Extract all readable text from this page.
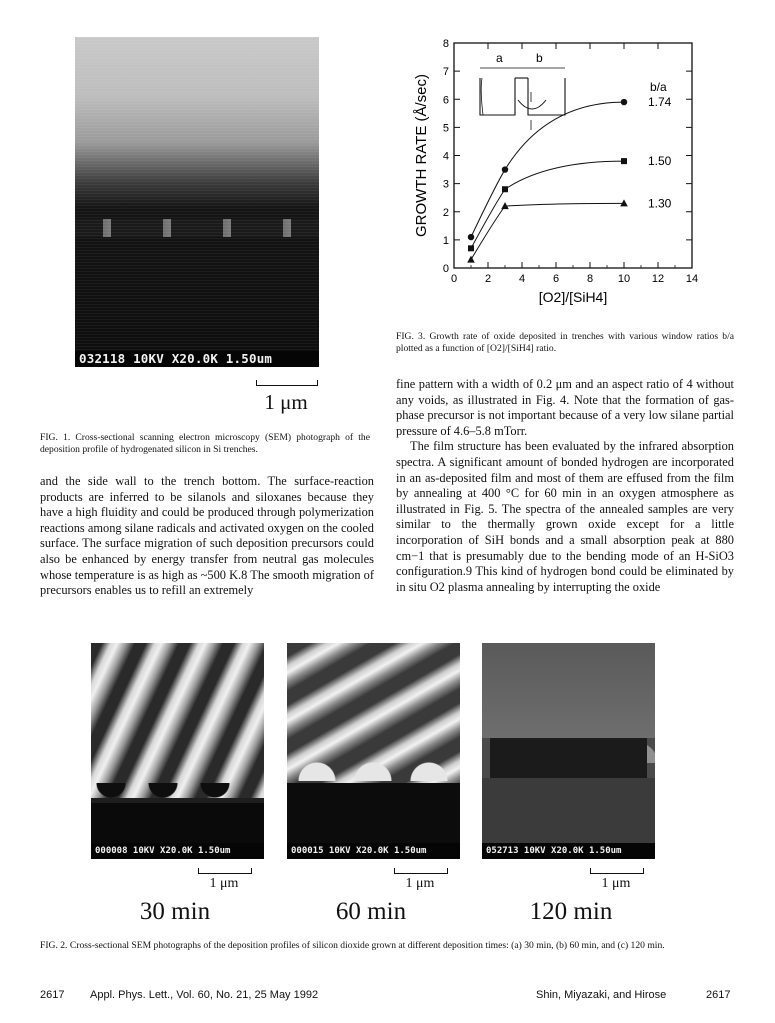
032118 10KV X20.0K 1.50um
1 μm
FIG. 1. Cross-sectional scanning electron microscopy (SEM) photograph of the deposition profile of hydrogenated silicon in Si trenches.
0	2	4	6	8 10 12 14
0
1
2
3
4
5
6
7
8
[O2]/[SiH4]
GROWTH RATE (Å/sec)	1.74
1.50
1.30
b/a
a	b
FIG. 3. Growth rate of oxide deposited in trenches with various window ratios b/a plotted as a function of [O2]/[SiH4] ratio.

and the side wall to the trench bottom. The surface-reaction products are inferred to be silanols and siloxanes because they have a high fluidity and could be produced through polymerization reactions among silane radicals and activated oxygen on the cooled surface. The surface migration of such deposition precursors could also be enhanced by energy transfer from neutral gas molecules whose temperature is as high as ~500 K.8 The smooth migration of precursors enables us to refill an extremely

fine pattern with a width of 0.2 μm and an aspect ratio of 4 without any voids, as illustrated in Fig. 4. Note that the formation of gas-phase precursor is not important because of a very low silane partial pressure of 4.6–5.8 mTorr.

The film structure has been evaluated by the infrared absorption spectra. A significant amount of bonded hydrogen are incorporated in an as-deposited film and most of them are effused from the film by annealing at 400 °C for 60 min in an oxygen atmosphere as illustrated in Fig. 5. The spectra of the annealed samples are very similar to the thermally grown oxide except for a little incorporation of SiH bonds and a small absorption peak at 880 cm−1 that is presumably due to the bending mode of an H-SiO3 configuration.9 This kind of hydrogen bond could be eliminated by in situ O2 plasma annealing by interrupting the oxide

000008 10KV X20.0K 1.50um	000015 10KV X20.0K 1.50um	052713 10KV X20.0K 1.50um
1 μm	1 μm	1 μm
30 min	60 min	120 min
FIG. 2. Cross-sectional SEM photographs of the deposition profiles of silicon dioxide grown at different deposition times: (a) 30 min, (b) 60 min, and (c) 120 min.
2617 Appl. Phys. Lett., Vol. 60, No. 21, 25 May 1992	Shin, Miyazaki, and Hirose	2617
